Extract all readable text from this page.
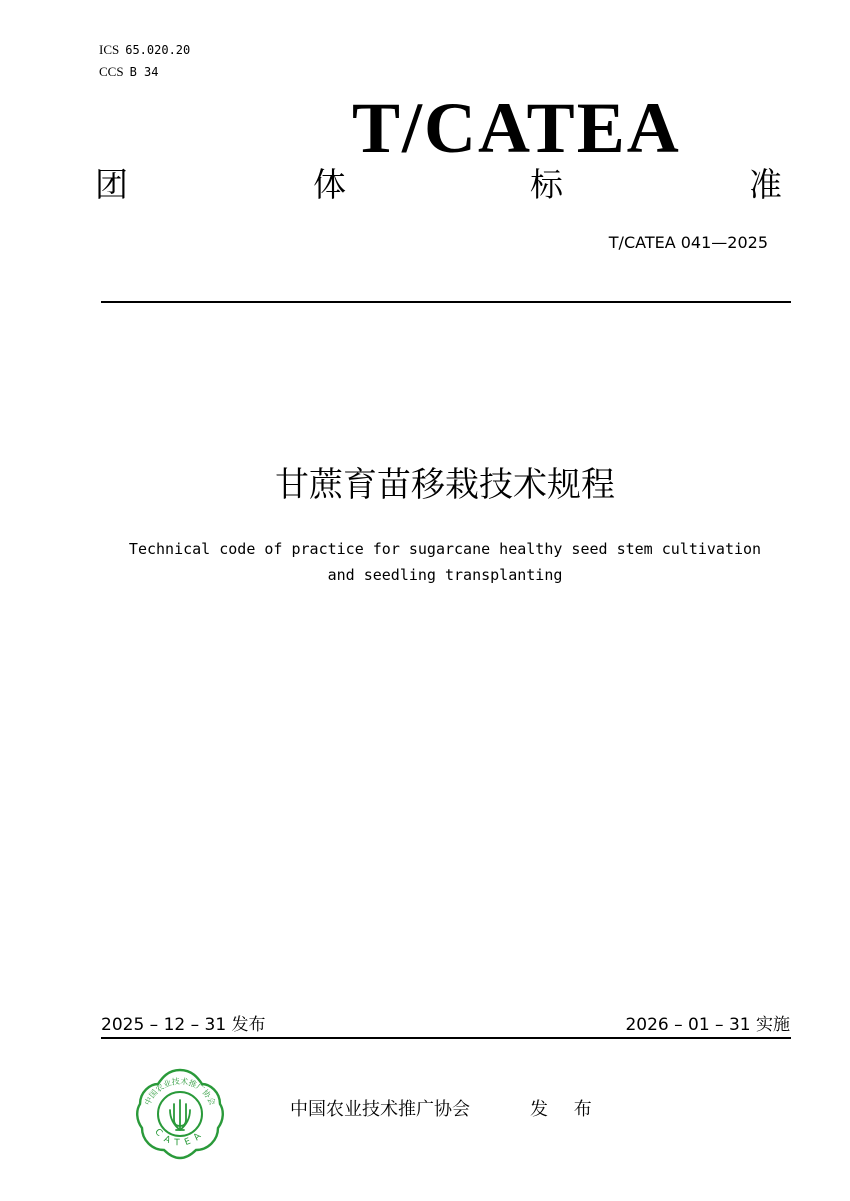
ICS 65.020.20
CCS B 34
T/CATEA
团	体	标	准
T/CATEA 041—2025
甘蔗育苗移栽技术规程
Technical code of practice for sugarcane healthy seed stem cultivation
and seedling transplanting
2025 – 12 – 31 发布	2026 – 01 – 31 实施
中国农业技术推广协会
CATEA
中国农业技术推广协会	发 布
